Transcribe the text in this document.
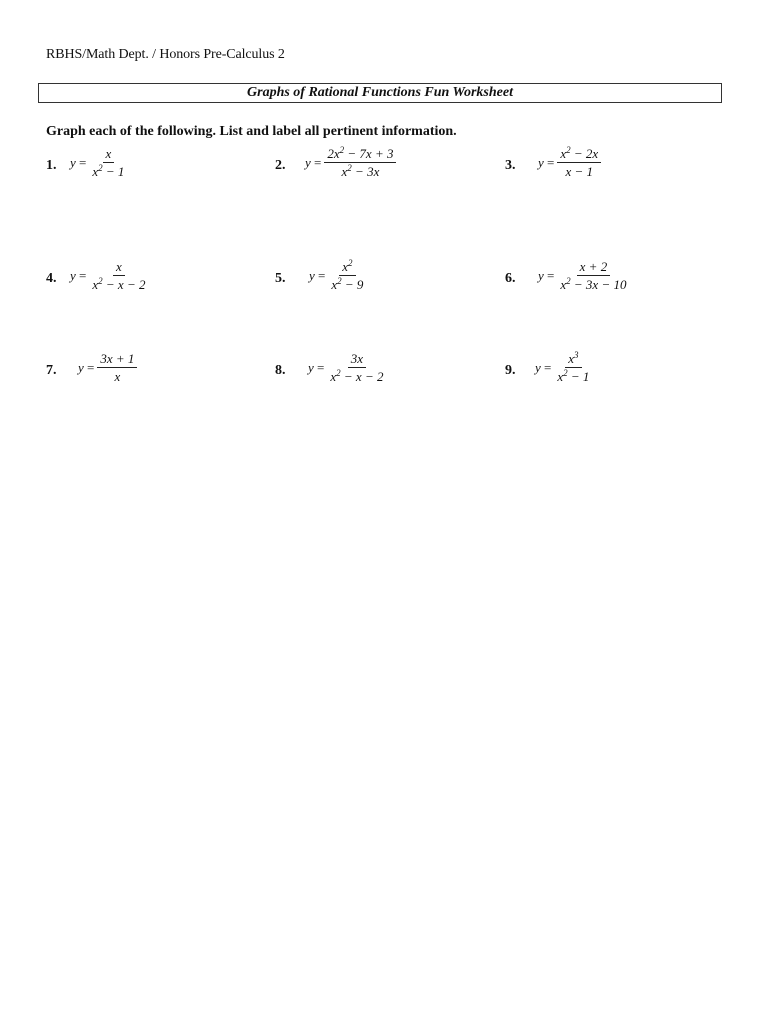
RBHS/Math Dept. / Honors Pre-Calculus 2
Graphs of Rational Functions Fun Worksheet
Graph each of the following. List and label all pertinent information.
1. $y = \frac{x}{x^2 - 1}$	2. $y = \frac{2x^2 - 7x + 3}{x^2 - 3x}$	3. $y = \frac{x^2 - 2x}{x - 1}$
4. $y = \frac{x}{x^2 - x - 2}$	5. $y = \frac{x^2}{x^2 - 9}$	6. $y = \frac{x + 2}{x^2 - 3x - 10}$
7. $y = \frac{3x + 1}{x}$	8. $y = \frac{3x}{x^2 - x - 2}$	9. $y = \frac{x^3}{x^2 - 1}$
